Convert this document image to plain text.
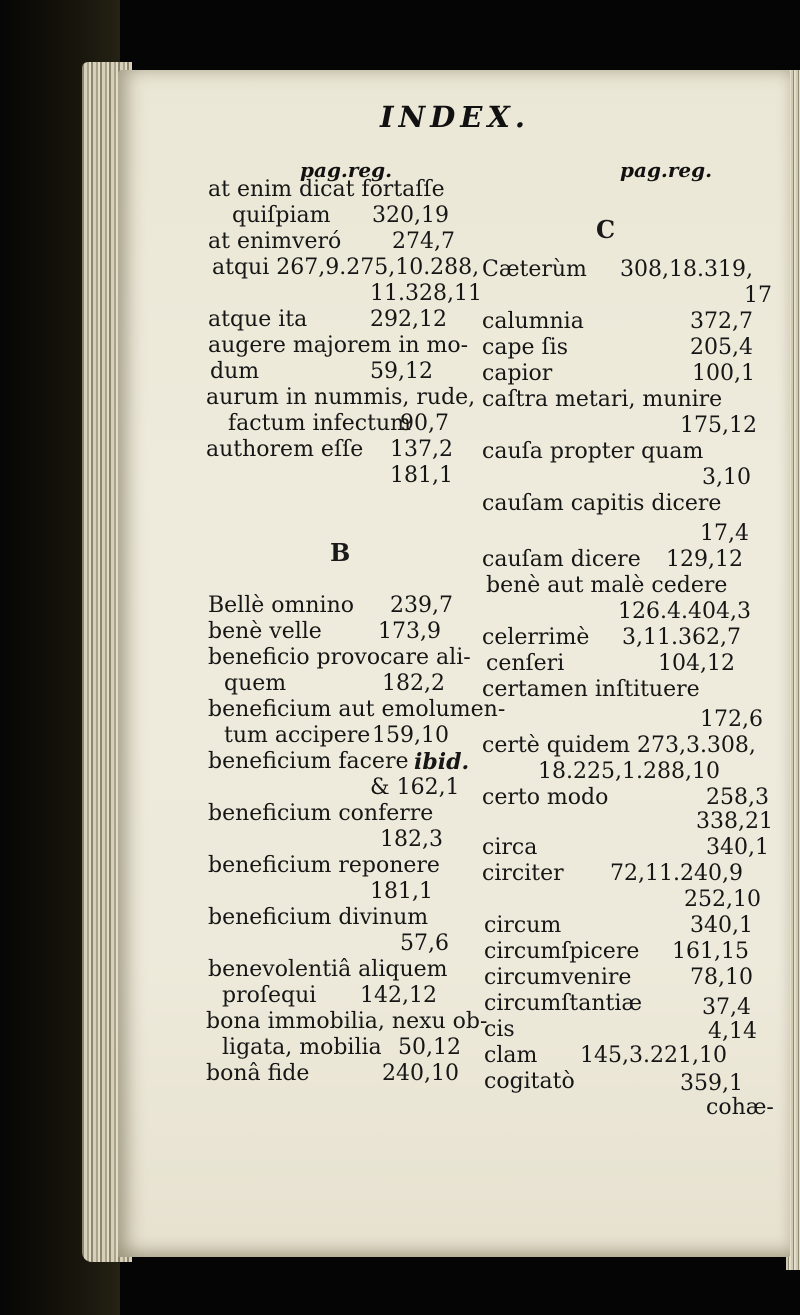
INDEX.
pag.reg.	pag.reg.
at enim dicat fortaſſe
quiſpiam 320,19
at enimveró 274,7
atqui 267,9.275,10.288,
11.328,11
atque ita	292,12
augere majorem in mo-
dum	59,12
aurum in nummis, rude,
factum infectum
90,7
authorem eſſe 137,2
181,1
B
Bellè omnino 239,7
benè velle	173,9
beneficio provocare ali-
quem	182,2
beneficium aut emolumen-
tum accipere 159,10
beneficium facere ibid.
& 162,1
beneficium conferre
182,3
beneficium reponere
181,1
beneficium divinum
57,6
benevolentiâ aliquem
proſequi 142,12
bona immobilia, nexu ob-
ligata, mobilia 50,12
bonâ fide	240,10
C
Cæterùm 308,18.319,
17
calumnia	372,7
cape ſis	205,4
capior	100,1
caſtra metari, munire
175,12
cauſa propter quam
3,10
cauſam capitis dicere
17,4
cauſam dicere 129,12
benè aut malè cedere
126.4.404,3
celerrimè 3,11.362,7
cenſeri	104,12
certamen inſtituere
172,6
certè quidem 273,3.308,
18.225,1.288,10
certo modo	258,3
338,21
circa	340,1
circiter 72,11.240,9
252,10
circum	340,1
circumſpicere 161,15
circumvenire	78,10
circumſtantiæ	37,4
cis	4,14
clam 145,3.221,10
cogitatò	359,1
cohæ-
